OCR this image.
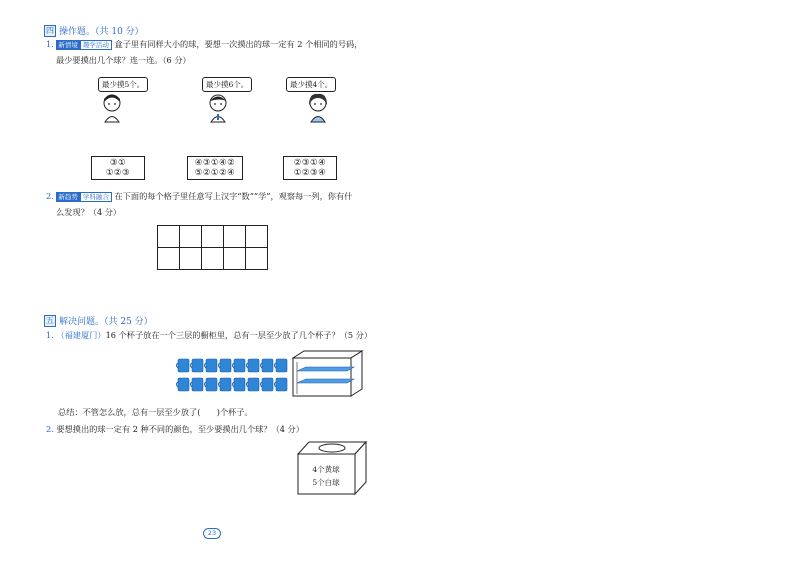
四 操作题。（共 10 分）
1. 新情境 趣学活动 盒子里有同样大小的球，要想一次摸出的球一定有 2 个相同的号码，
最少要摸出几个球？连一连。（6 分）
最少摸5个。	最少摸6个。	最少摸4个。
③①
①②③
④③①④②
⑤②①②④
②③①④
①②③④
2. 新趋势 学科融合 在下面的每个格子里任意写上汉字“数”“学”，观察每一列，你有什
么发现？（4 分）

五 解决问题。（共 25 分）
1. （福建厦门）16 个杯子放在一个三层的橱柜里，总有一层至少放了几个杯子？（5 分）
总结：不管怎么放，总有一层至少放了(　　)个杯子。
2. 要想摸出的球一定有 2 种不同的颜色，至少要摸出几个球？（4 分）
4个黄球
5个白球
23
